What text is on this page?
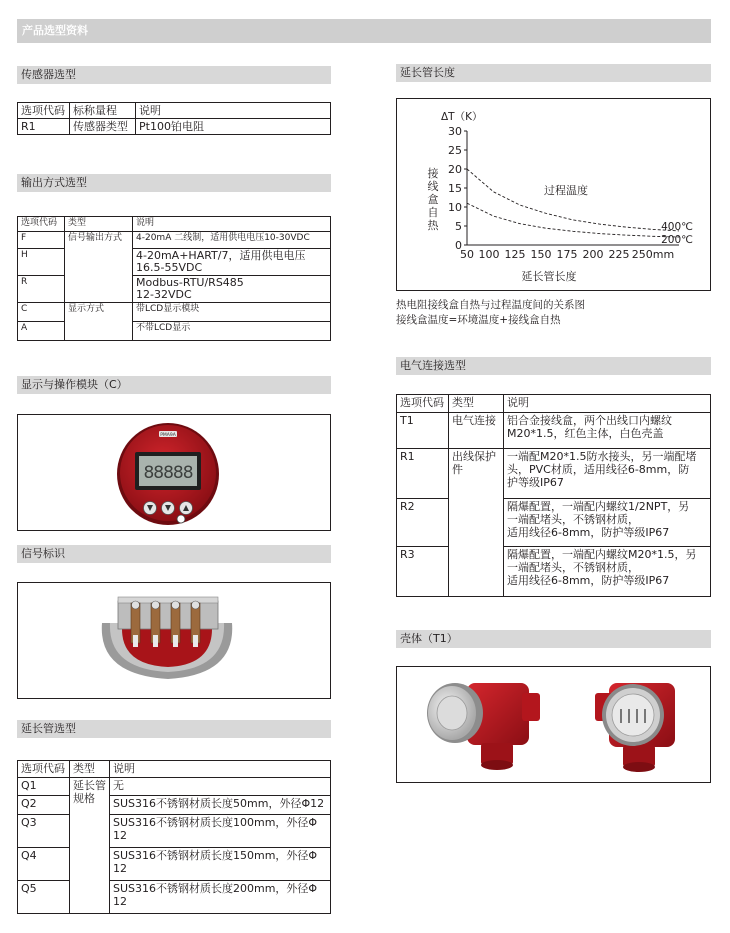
产品选型资料
传感器选型
选项代码	标称量程	说明
R1	传感器类型	Pt100铂电阻
输出方式选型
选项代码	类型	说明
F	信号输出方式	4-20mA 二线制，适用供电电压10-30VDC
H		4-20mA+HART/7，适用供电电压
16.5-55VDC
R		Modbus-RTU/RS485
12-32VDC
C	显示方式	带LCD显示模块
A		不带LCD显示
显示与操作模块（C）
PMA9A
88888
信号标识
延长管选型
选项代码	类型	说明
Q1	延长管规格	无
Q2		SUS316不锈钢材质长度50mm，外径Φ12
Q3		SUS316不锈钢材质长度100mm，外径Φ
12
Q4		SUS316不锈钢材质长度150mm，外径Φ
12
Q5		SUS316不锈钢材质长度200mm，外径Φ
12
延长管长度
0
5
10
15
20
25
30
50 100 125 150 175 200 225 250mm
400℃
200℃
ΔT（K）
接
线
盒
自
热
过程温度
延长管长度
热电阻接线盒自热与过程温度间的关系图
接线盒温度=环境温度+接线盒自热
电气连接选型
选项代码	类型	说明
T1	电气连接	铝合金接线盒，两个出线口内螺纹
M20*1.5，红色主体，白色壳盖
R1	出线保护件	一端配M20*1.5防水接头，另一端配堵
头，PVC材质，适用线径6-8mm，防
护等级IP67
R2		隔爆配置，一端配内螺纹1/2NPT，另
一端配堵头，不锈钢材质，
适用线径6-8mm，防护等级IP67
R3		隔爆配置，一端配内螺纹M20*1.5，另
一端配堵头，不锈钢材质，
适用线径6-8mm，防护等级IP67
壳体（T1）
